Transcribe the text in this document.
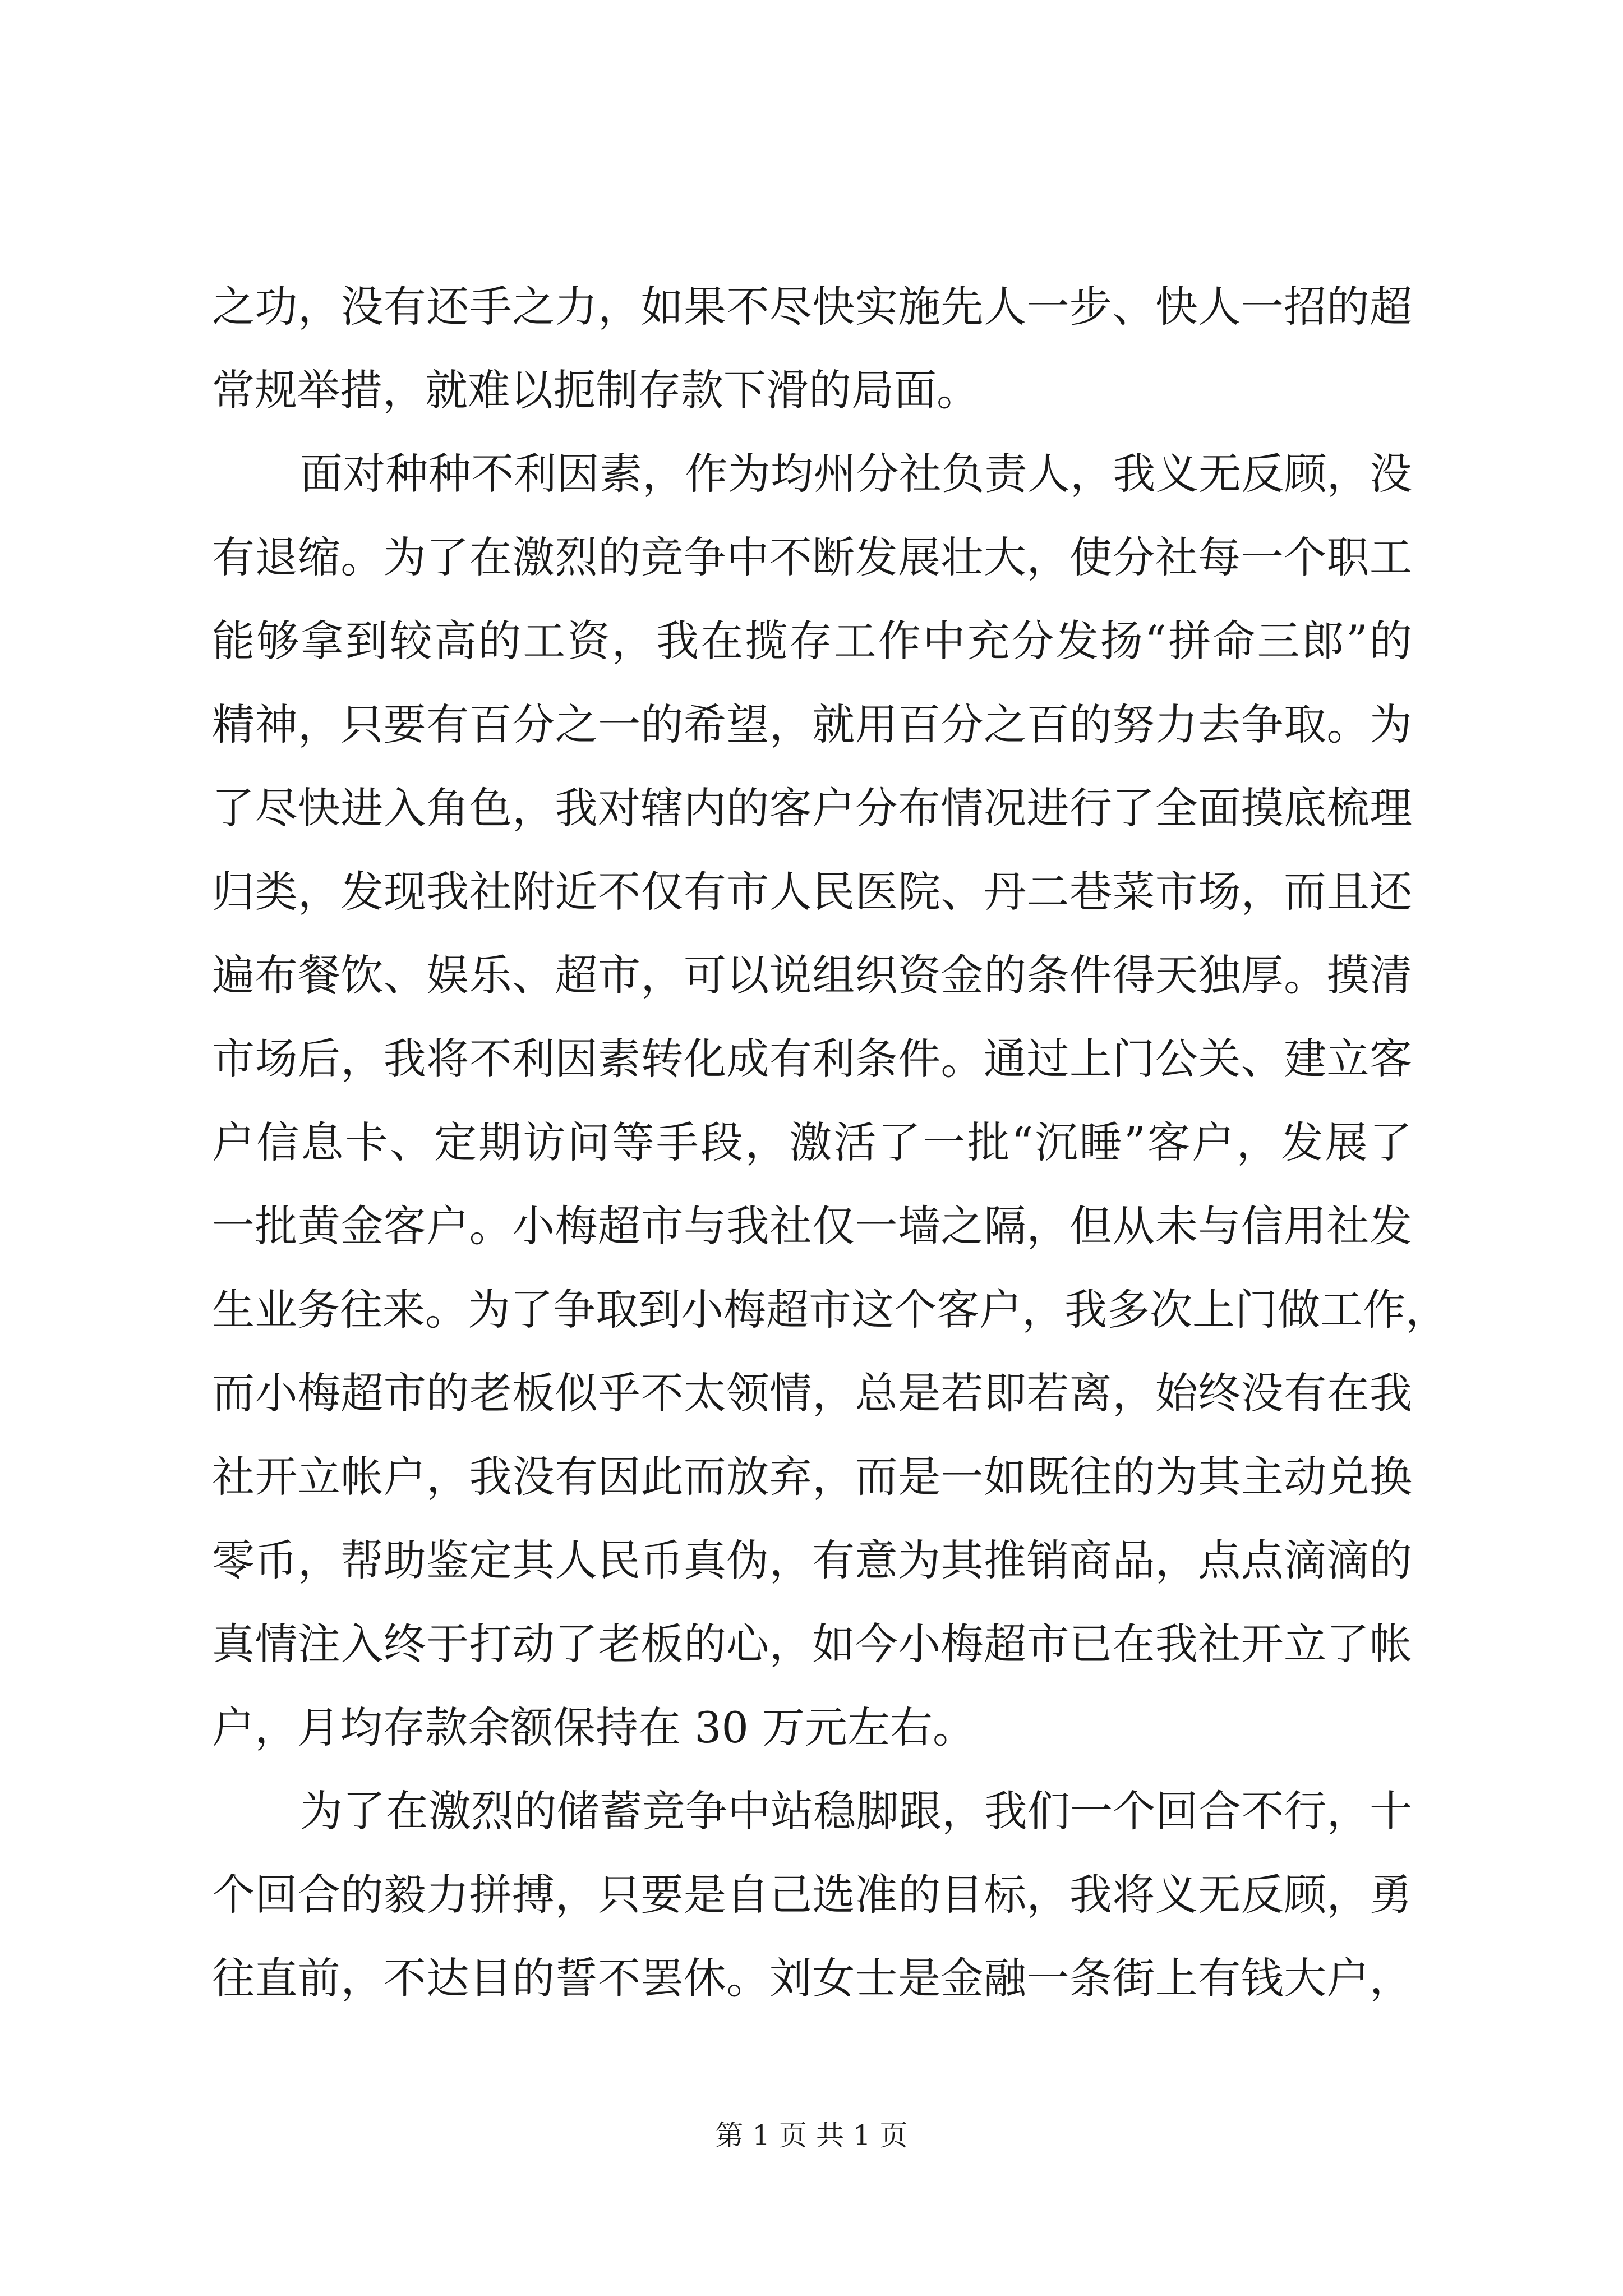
之功，没有还手之力，如果不尽快实施先人一步、快人一招的超
常规举措，就难以扼制存款下滑的局面。
面对种种不利因素，作为均州分社负责人，我义无反顾，没
有退缩。为了在激烈的竞争中不断发展壮大，使分社每一个职工
能够拿到较高的工资，我在揽存工作中充分发扬“拼命三郎”的
精神，只要有百分之一的希望，就用百分之百的努力去争取。为
了尽快进入角色，我对辖内的客户分布情况进行了全面摸底梳理
归类，发现我社附近不仅有市人民医院、丹二巷菜市场，而且还
遍布餐饮、娱乐、超市，可以说组织资金的条件得天独厚。摸清
市场后，我将不利因素转化成有利条件。通过上门公关、建立客
户信息卡、定期访问等手段，激活了一批“沉睡”客户，发展了
一批黄金客户。小梅超市与我社仅一墙之隔，但从未与信用社发
生业务往来。为了争取到小梅超市这个客户，我多次上门做工作，
而小梅超市的老板似乎不太领情，总是若即若离，始终没有在我
社开立帐户，我没有因此而放弃，而是一如既往的为其主动兑换
零币，帮助鉴定其人民币真伪，有意为其推销商品，点点滴滴的
真情注入终于打动了老板的心，如今小梅超市已在我社开立了帐
户，月均存款余额保持在 30 万元左右。
为了在激烈的储蓄竞争中站稳脚跟，我们一个回合不行，十
个回合的毅力拼搏，只要是自己选准的目标，我将义无反顾，勇
往直前，不达目的誓不罢休。刘女士是金融一条街上有钱大户，
第 1 页 共 1 页
